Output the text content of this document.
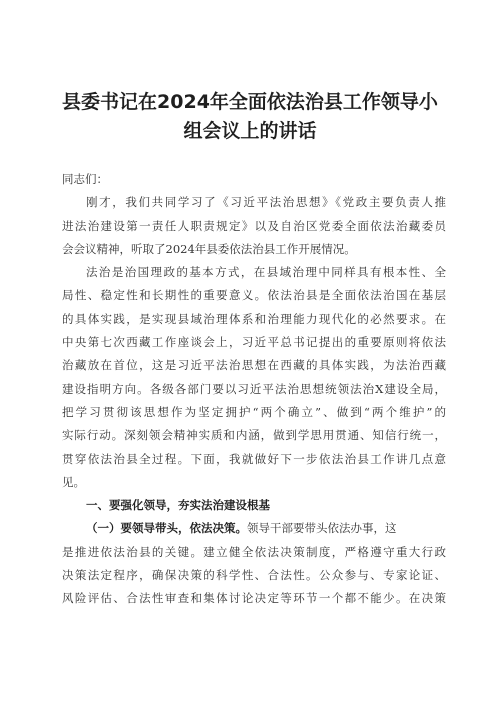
县委书记在2024年全面依法治县工作领导小
组会议上的讲话
同志们：
刚才，我们共同学习了《习近平法治思想》《党政主要负责人推
进法治建设第一责任人职责规定》以及自治区党委全面依法治藏委员
会会议精神，听取了2024年县委依法治县工作开展情况。
法治是治国理政的基本方式，在县域治理中同样具有根本性、全
局性、稳定性和长期性的重要意义。依法治县是全面依法治国在基层
的具体实践，是实现县域治理体系和治理能力现代化的必然要求。在
中央第七次西藏工作座谈会上，习近平总书记提出的重要原则将依法
治藏放在首位，这是习近平法治思想在西藏的具体实践，为法治西藏
建设指明方向。各级各部门要以习近平法治思想统领法治X建设全局，
把学习贯彻该思想作为坚定拥护“两个确立”、做到“两个维护”的
实际行动。深刻领会精神实质和内涵，做到学思用贯通、知信行统一，
贯穿依法治县全过程。下面，我就做好下一步依法治县工作讲几点意
见。
一、要强化领导，夯实法治建设根基
（一）要领导带头，依法决策。领导干部要带头依法办事，这
是推进依法治县的关键。建立健全依法决策制度，严格遵守重大行政
决策法定程序，确保决策的科学性、合法性。公众参与、专家论证、
风险评估、合法性审查和集体讨论决定等环节一个都不能少。在决策
